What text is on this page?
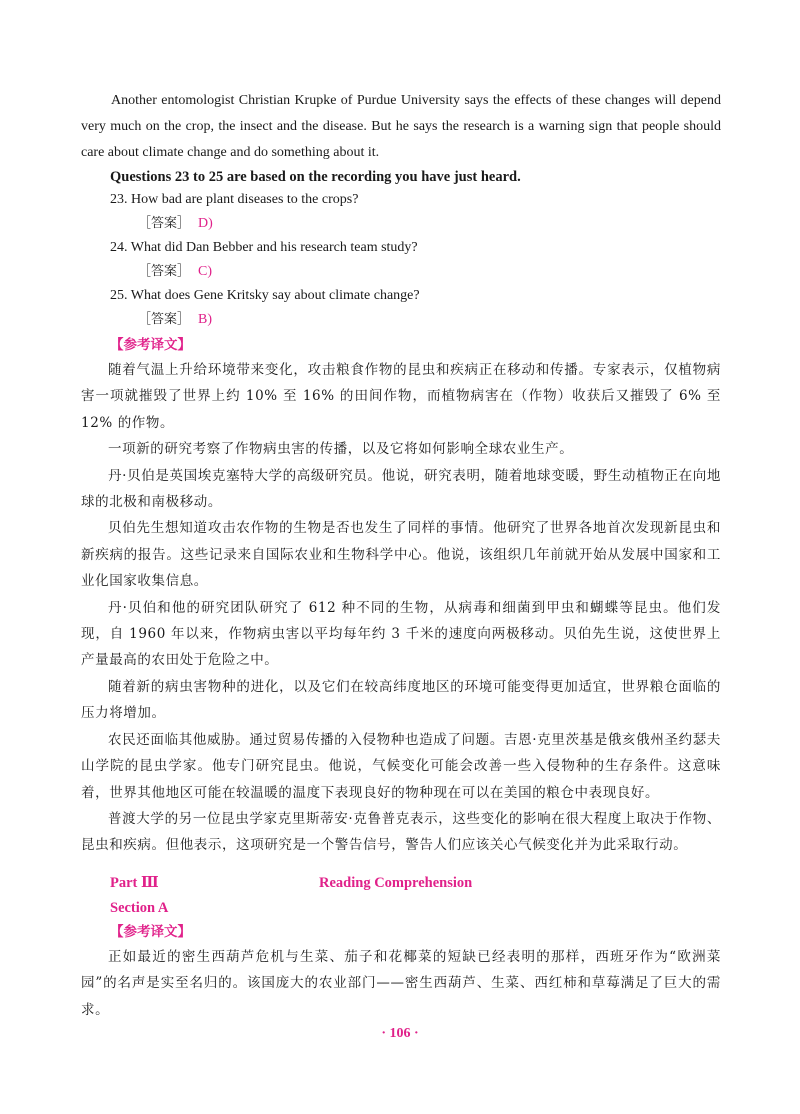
Another entomologist Christian Krupke of Purdue University says the effects of these changes will depend very much on the crop, the insect and the disease. But he says the research is a warning sign that people should care about climate change and do something about it.

Questions 23 to 25 are based on the recording you have just heard.
23. How bad are plant diseases to the crops?
［答案］ D)
24. What did Dan Bebber and his research team study?
［答案］ C)
25. What does Gene Kritsky say about climate change?
［答案］ B)
【参考译文】

随着气温上升给环境带来变化，攻击粮食作物的昆虫和疾病正在移动和传播。专家表示，仅植物病害一项就摧毁了世界上约 10% 至 16% 的田间作物，而植物病害在（作物）收获后又摧毁了 6% 至 12% 的作物。

一项新的研究考察了作物病虫害的传播，以及它将如何影响全球农业生产。

丹·贝伯是英国埃克塞特大学的高级研究员。他说，研究表明，随着地球变暖，野生动植物正在向地球的北极和南极移动。

贝伯先生想知道攻击农作物的生物是否也发生了同样的事情。他研究了世界各地首次发现新昆虫和新疾病的报告。这些记录来自国际农业和生物科学中心。他说，该组织几年前就开始从发展中国家和工业化国家收集信息。

丹·贝伯和他的研究团队研究了 612 种不同的生物，从病毒和细菌到甲虫和蝴蝶等昆虫。他们发现，自 1960 年以来，作物病虫害以平均每年约 3 千米的速度向两极移动。贝伯先生说，这使世界上产量最高的农田处于危险之中。

随着新的病虫害物种的进化，以及它们在较高纬度地区的环境可能变得更加适宜，世界粮仓面临的压力将增加。

农民还面临其他威胁。通过贸易传播的入侵物种也造成了问题。吉恩·克里茨基是俄亥俄州圣约瑟夫山学院的昆虫学家。他专门研究昆虫。他说，气候变化可能会改善一些入侵物种的生存条件。这意味着，世界其他地区可能在较温暖的温度下表现良好的物种现在可以在美国的粮仓中表现良好。

普渡大学的另一位昆虫学家克里斯蒂安·克鲁普克表示，这些变化的影响在很大程度上取决于作物、昆虫和疾病。但他表示，这项研究是一个警告信号，警告人们应该关心气候变化并为此采取行动。

Part Ⅲ	Reading Comprehension
Section A
【参考译文】

正如最近的密生西葫芦危机与生菜、茄子和花椰菜的短缺已经表明的那样，西班牙作为“欧洲菜园”的名声是实至名归的。该国庞大的农业部门——密生西葫芦、生菜、西红柿和草莓满足了巨大的需求。

· 106 ·
